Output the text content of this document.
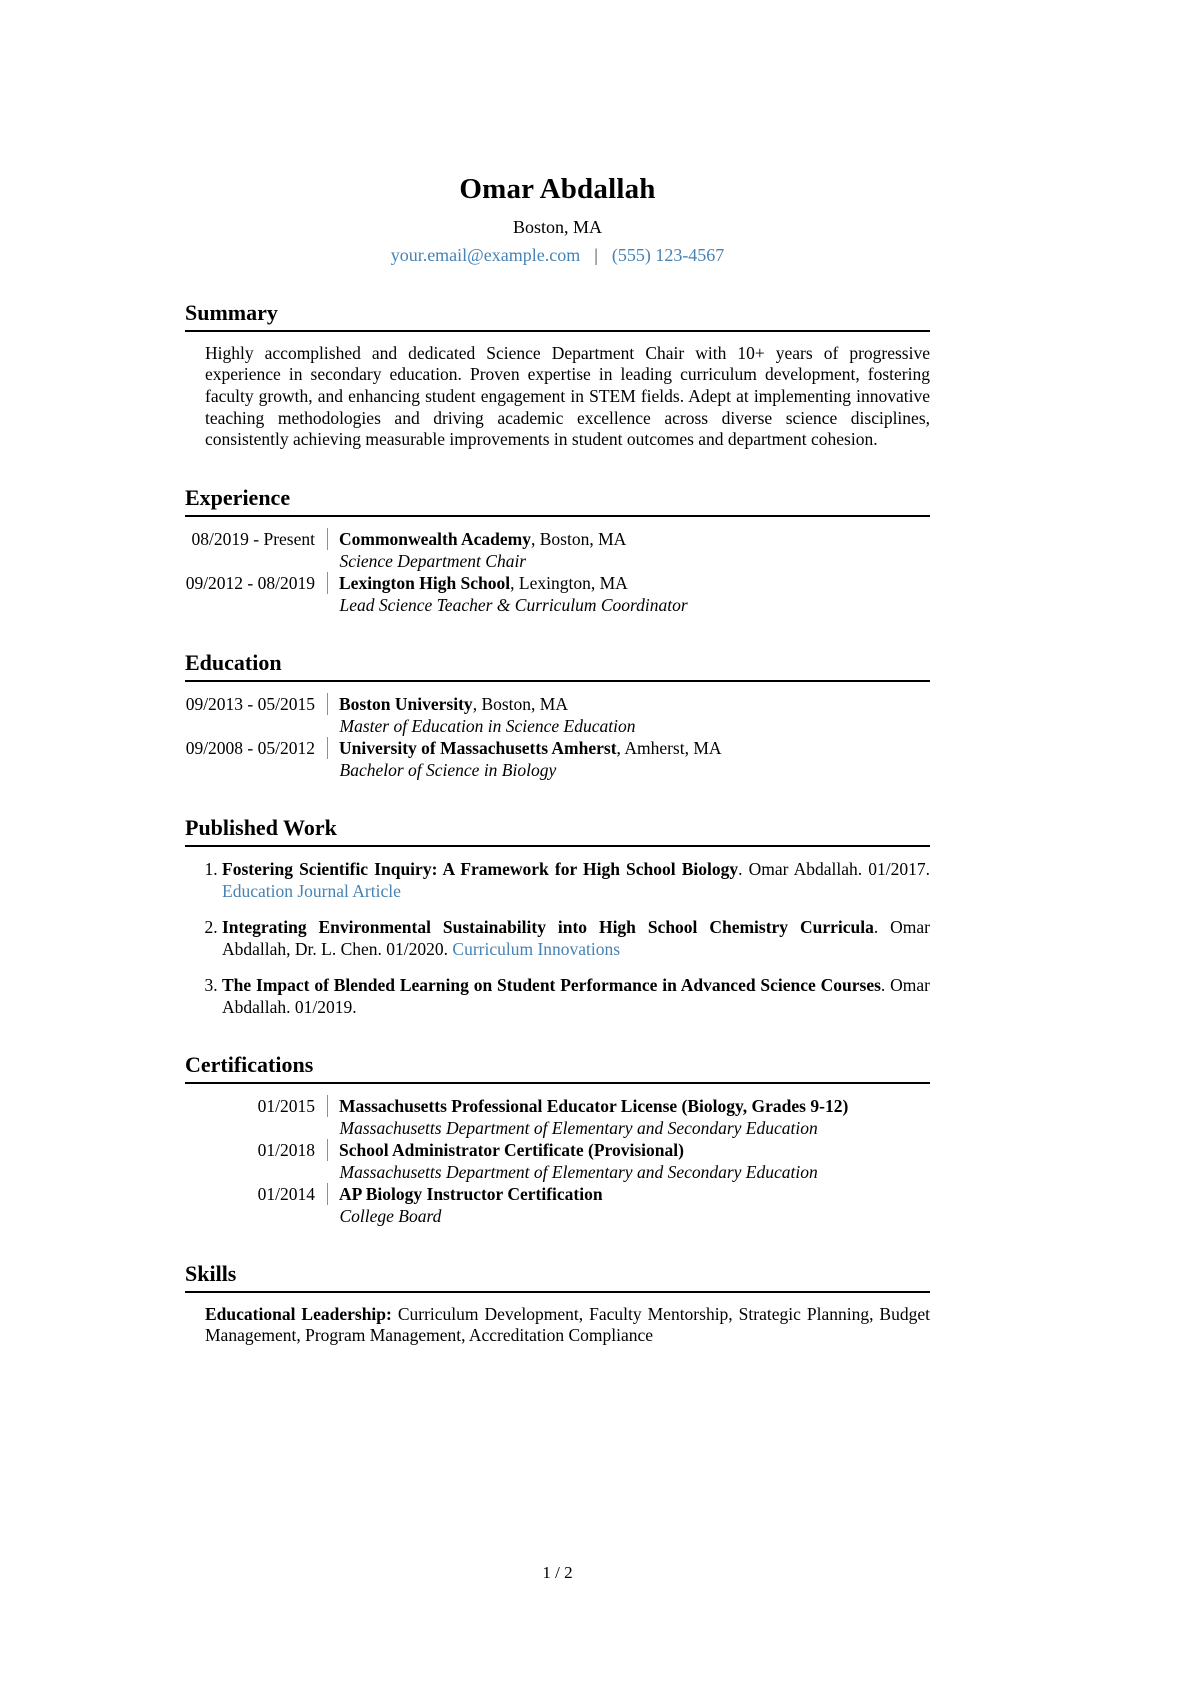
Omar Abdallah
Boston, MA
your.email@example.com | (555) 123-4567
Summary

Highly accomplished and dedicated Science Department Chair with 10+ years of progressive experience in secondary education. Proven expertise in leading curriculum development, fostering faculty growth, and enhancing student engagement in STEM fields. Adept at implementing innovative teaching methodologies and driving academic excellence across diverse science disciplines, consistently achieving measurable improvements in student outcomes and department cohesion.

Experience
08/2019 - Present	Commonwealth Academy, Boston, MA
Science Department Chair
09/2012 - 08/2019	Lexington High School, Lexington, MA
Lead Science Teacher & Curriculum Coordinator
Education
09/2013 - 05/2015	Boston University, Boston, MA
Master of Education in Science Education
09/2008 - 05/2012	University of Massachusetts Amherst, Amherst, MA
Bachelor of Science in Biology
Published Work
1. Fostering Scientific Inquiry: A Framework for High School Biology. Omar Abdallah. 01/2017. Education Journal Article
2. Integrating Environmental Sustainability into High School Chemistry Curricula. Omar Abdallah, Dr. L. Chen. 01/2020. Curriculum Innovations
3. The Impact of Blended Learning on Student Performance in Advanced Science Courses. Omar Abdallah. 01/2019.
Certifications
01/2015	Massachusetts Professional Educator License (Biology, Grades 9-12)
Massachusetts Department of Elementary and Secondary Education
01/2018	School Administrator Certificate (Provisional)
Massachusetts Department of Elementary and Secondary Education
01/2014	AP Biology Instructor Certification
College Board
Skills

Educational Leadership: Curriculum Development, Faculty Mentorship, Strategic Planning, Budget Management, Program Management, Accreditation Compliance

1 / 2
